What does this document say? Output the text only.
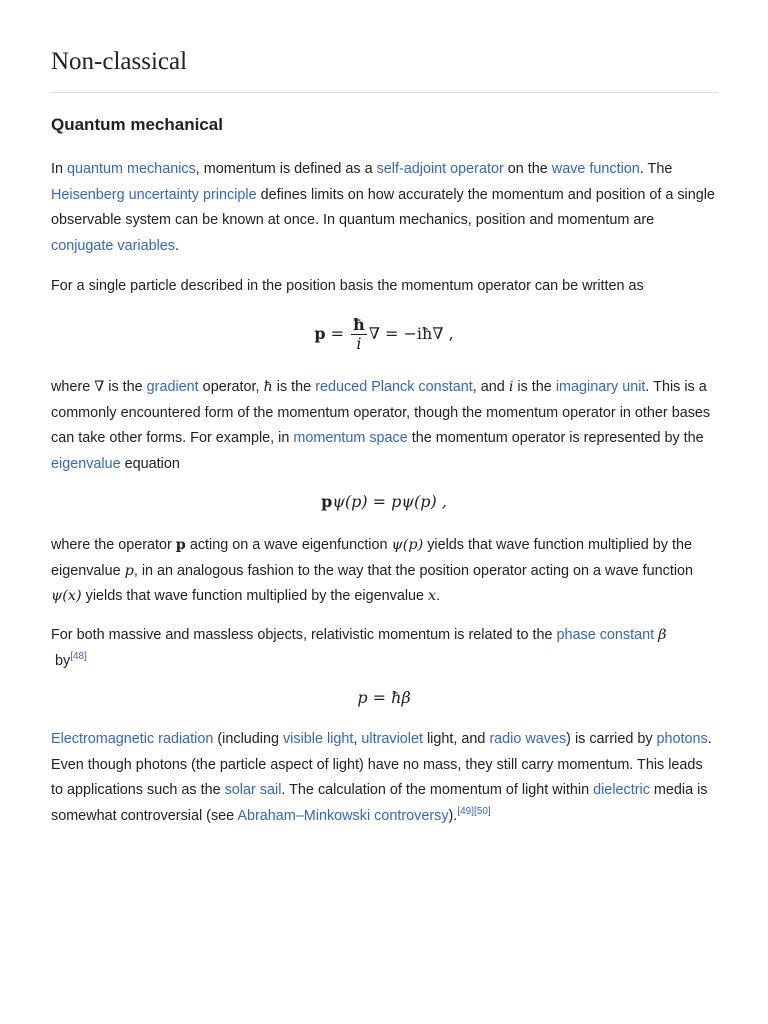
Non-classical
Quantum mechanical

In quantum mechanics, momentum is defined as a self-adjoint operator on the wave function. The
Heisenberg uncertainty principle defines limits on how accurately the momentum and position of a single observable system can be known at once. In quantum mechanics, position and momentum are conjugate variables.

For a single particle described in the position basis the momentum operator can be written as

$p = \frac{ħ}{i}$ ∇ = −iħ∇ ,

where ∇ is the gradient operator, ħ is the reduced Planck constant, and i is the imaginary unit. This is a commonly encountered form of the momentum operator, though the momentum operator in other bases can take other forms. For example, in momentum space the momentum operator is represented by the eigenvalue equation

pψ(p) = pψ(p) ,

where the operator p acting on a wave eigenfunction ψ(p) yields that wave function multiplied by the eigenvalue p, in an analogous fashion to the way that the position operator acting on a wave function ψ(x) yields that wave function multiplied by the eigenvalue x.

For both massive and massless objects, relativistic momentum is related to the phase constant β
by[48]

p = ħβ

Electromagnetic radiation (including visible light, ultraviolet light, and radio waves) is carried by photons. Even though photons (the particle aspect of light) have no mass, they still carry momentum. This leads to applications such as the solar sail. The calculation of the momentum of light within dielectric media is somewhat controversial (see Abraham–Minkowski controversy).[49][50]
